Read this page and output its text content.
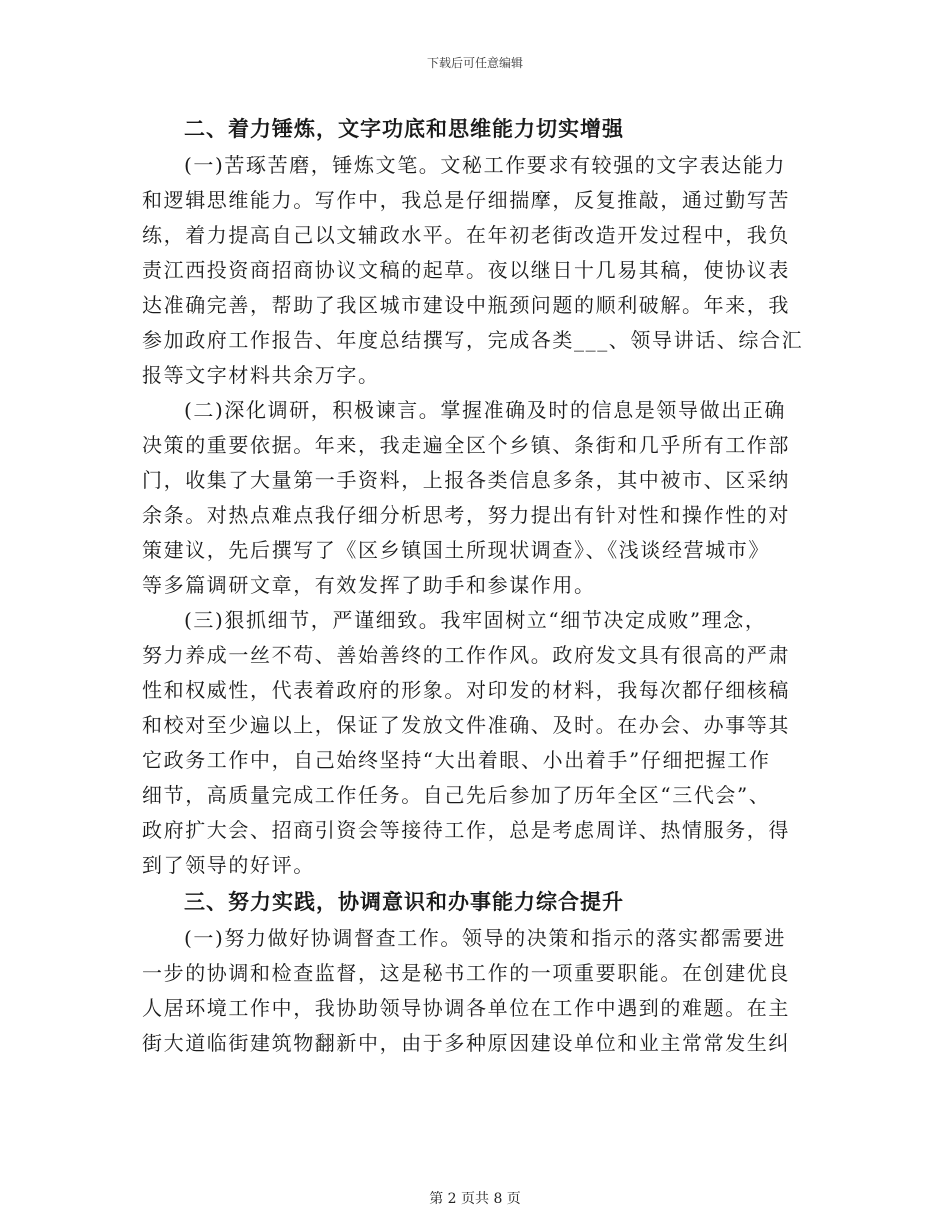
下载后可任意编辑
二、着力锤炼，文字功底和思维能力切实增强
(一)苦琢苦磨，锤炼文笔。文秘工作要求有较强的文字表达能力
和逻辑思维能力。写作中，我总是仔细揣摩，反复推敲，通过勤写苦
练，着力提高自己以文辅政水平。在年初老街改造开发过程中，我负
责江西投资商招商协议文稿的起草。夜以继日十几易其稿，使协议表
达准确完善，帮助了我区城市建设中瓶颈问题的顺利破解。年来，我
参加政府工作报告、年度总结撰写，完成各类___、领导讲话、综合汇
报等文字材料共余万字。
(二)深化调研，积极谏言。掌握准确及时的信息是领导做出正确
决策的重要依据。年来，我走遍全区个乡镇、条街和几乎所有工作部
门，收集了大量第一手资料，上报各类信息多条，其中被市、区采纳
余条。对热点难点我仔细分析思考，努力提出有针对性和操作性的对
策建议，先后撰写了《区乡镇国土所现状调查》、《浅谈经营城市》
等多篇调研文章，有效发挥了助手和参谋作用。
(三)狠抓细节，严谨细致。我牢固树立“细节决定成败”理念，
努力养成一丝不苟、善始善终的工作作风。政府发文具有很高的严肃
性和权威性，代表着政府的形象。对印发的材料，我每次都仔细核稿
和校对至少遍以上，保证了发放文件准确、及时。在办会、办事等其
它政务工作中，自己始终坚持“大出着眼、小出着手”仔细把握工作
细节，高质量完成工作任务。自己先后参加了历年全区“三代会”、
政府扩大会、招商引资会等接待工作，总是考虑周详、热情服务，得
到了领导的好评。
三、努力实践，协调意识和办事能力综合提升
(一)努力做好协调督查工作。领导的决策和指示的落实都需要进
一步的协调和检查监督，这是秘书工作的一项重要职能。在创建优良
人居环境工作中，我协助领导协调各单位在工作中遇到的难题。在主
街大道临街建筑物翻新中，由于多种原因建设单位和业主常常发生纠
第 2 页共 8 页
